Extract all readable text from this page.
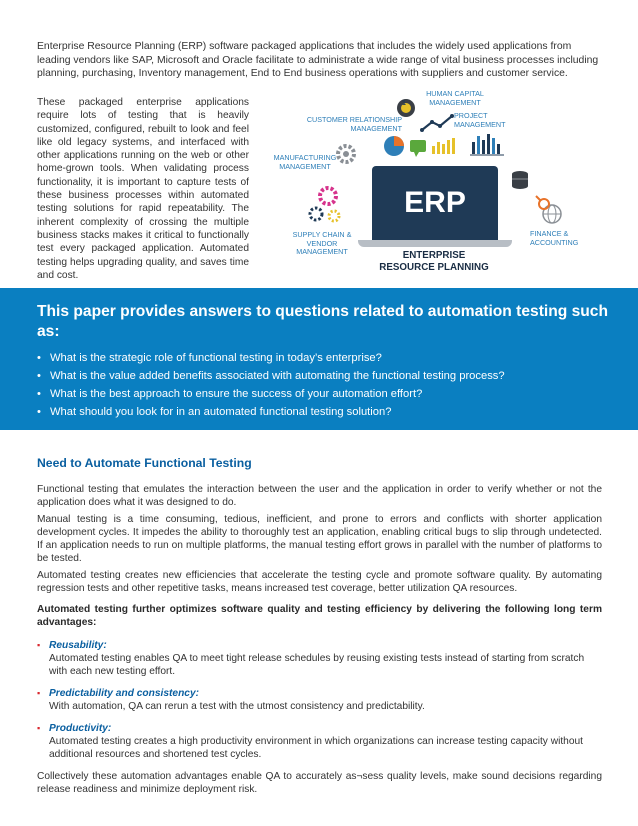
Enterprise Resource Planning (ERP) software packaged applications that includes the widely used applications from leading vendors like SAP, Microsoft and Oracle facilitate to administrate a wide range of vital business processes including planning, purchasing, Inventory management, End to End business operations with suppliers and customer service.

These packaged enterprise applications require lots of testing that is heavily customized, configured, rebuilt to look and feel like old legacy systems, and interfaced with other applications running on the web or other home-grown tools. When validating process functionality, it is important to capture tests of these business processes within automated testing solutions for rapid repeatability. The inherent complexity of crossing the multiple business stacks makes it critical to functionally test every packaged application. Automated testing helps upgrading quality, and saves time and cost.

HUMAN CAPITAL MANAGEMENT
CUSTOMER RELATIONSHIP MANAGEMENT
PROJECT MANAGEMENT
MANUFACTURING MANAGEMENT
SUPPLY CHAIN & VENDOR MANAGEMENT
FINANCE & ACCOUNTING
ERP
ENTERPRISE
RESOURCE PLANNING
1
This paper provides answers to questions related to automation testing such as:
• What is the strategic role of functional testing in today’s enterprise?
• What is the value added benefits associated with automating the functional testing process?
• What is the best approach to ensure the success of your automation effort?
• What should you look for in an automated functional testing solution?
Need to Automate Functional Testing

Functional testing that emulates the interaction between the user and the application in order to verify whether or not the application does what it was designed to do.

Manual testing is a time consuming, tedious, inefficient, and prone to errors and conflicts with shorter application development cycles. It impedes the ability to thoroughly test an application, enabling critical bugs to slip through undetected. If an application needs to run on multiple platforms, the manual testing effort grows in parallel with the number of platforms to be tested.

Automated testing creates new efficiencies that accelerate the testing cycle and promote software quality. By automating regression tests and other repetitive tasks, means increased test coverage, better utilization QA resources.

Automated testing further optimizes software quality and testing efficiency by delivering the following long term advantages:

▪ Reusability:
Automated testing enables QA to meet tight release schedules by reusing existing tests instead of starting from scratch with each new testing effort.
▪ Predictability and consistency:
With automation, QA can rerun a test with the utmost consistency and predictability.
▪ Productivity:
Automated testing creates a high productivity environment in which organizations can increase testing capacity without additional resources and shortened test cycles.

Collectively these automation advantages enable QA to accurately as¬sess quality levels, make sound decisions regarding release readiness and minimize deployment risk.
